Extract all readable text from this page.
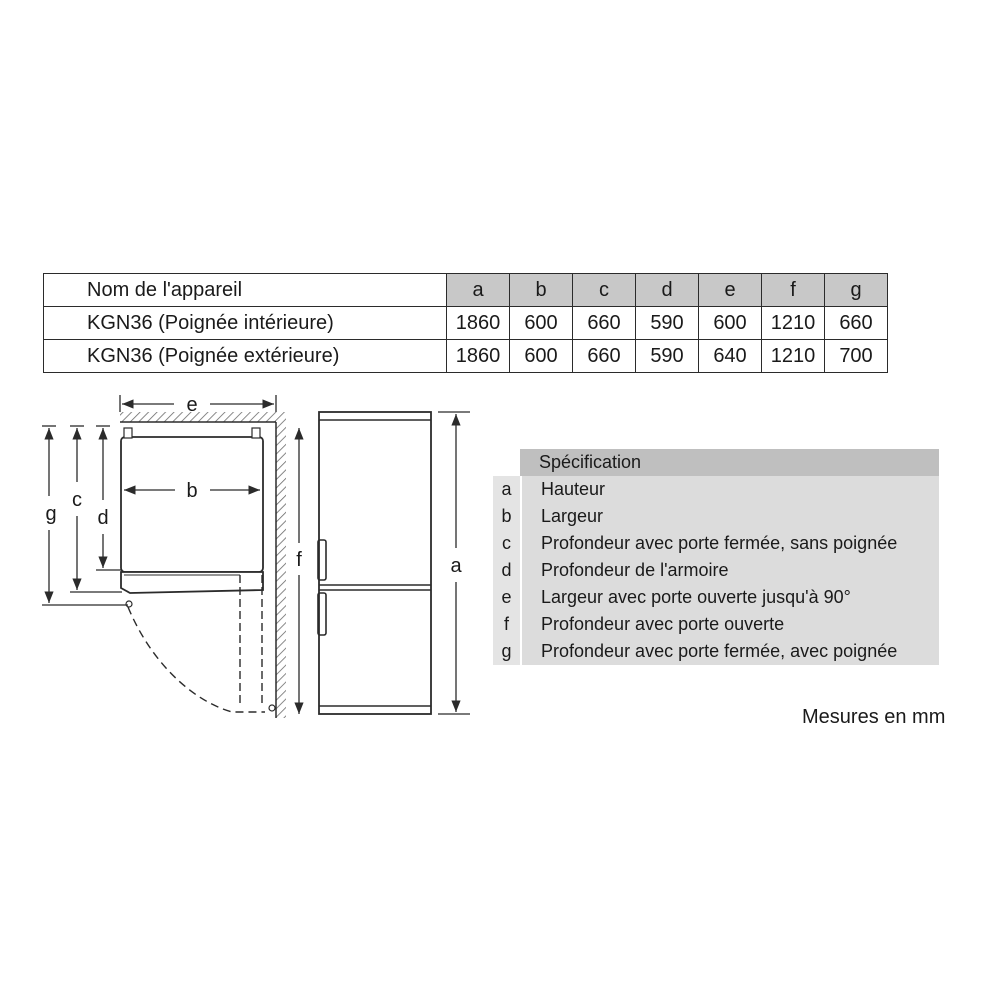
Nom de l'appareil	a	b	c	d	e	f	g
KGN36 (Poignée intérieure)	1860	600	660	590	600	1210	660
KGN36 (Poignée extérieure)	1860	600	660	590	640	1210	700
e
b
g
c
d
f	a
Spécification
a	Hauteur
b	Largeur
c	Profondeur avec porte fermée, sans poignée
d	Profondeur de l'armoire
e	Largeur avec porte ouverte jusqu'à 90°
f	Profondeur avec porte ouverte
g	Profondeur avec porte fermée, avec poignée
Mesures en mm
